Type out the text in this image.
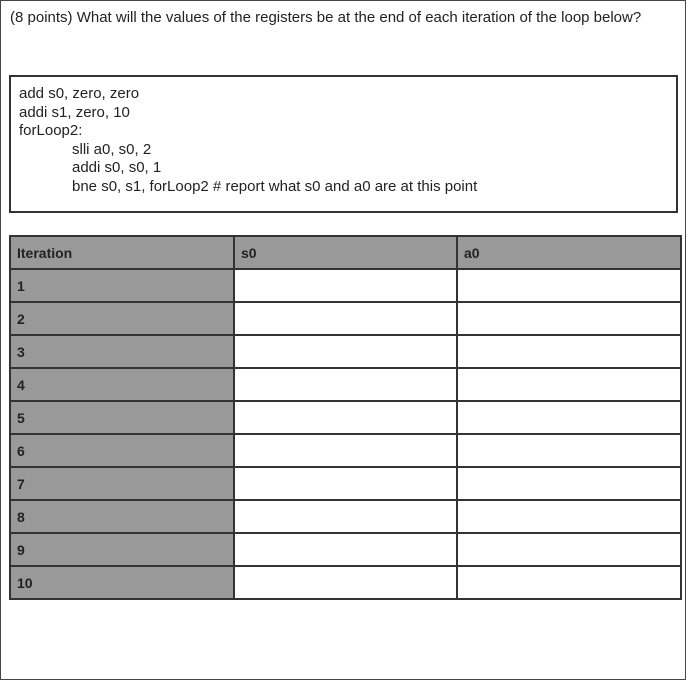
(8 points) What will the values of the registers be at the end of each iteration of the loop below?
add s0, zero, zero
addi s1, zero, 10
forLoop2:
slli a0, s0, 2
addi s0, s0, 1
bne s0, s1, forLoop2 # report what s0 and a0 are at this point
Iteration	s0	a0
1		
2		
3		
4		
5		
6		
7		
8		
9		
10		
